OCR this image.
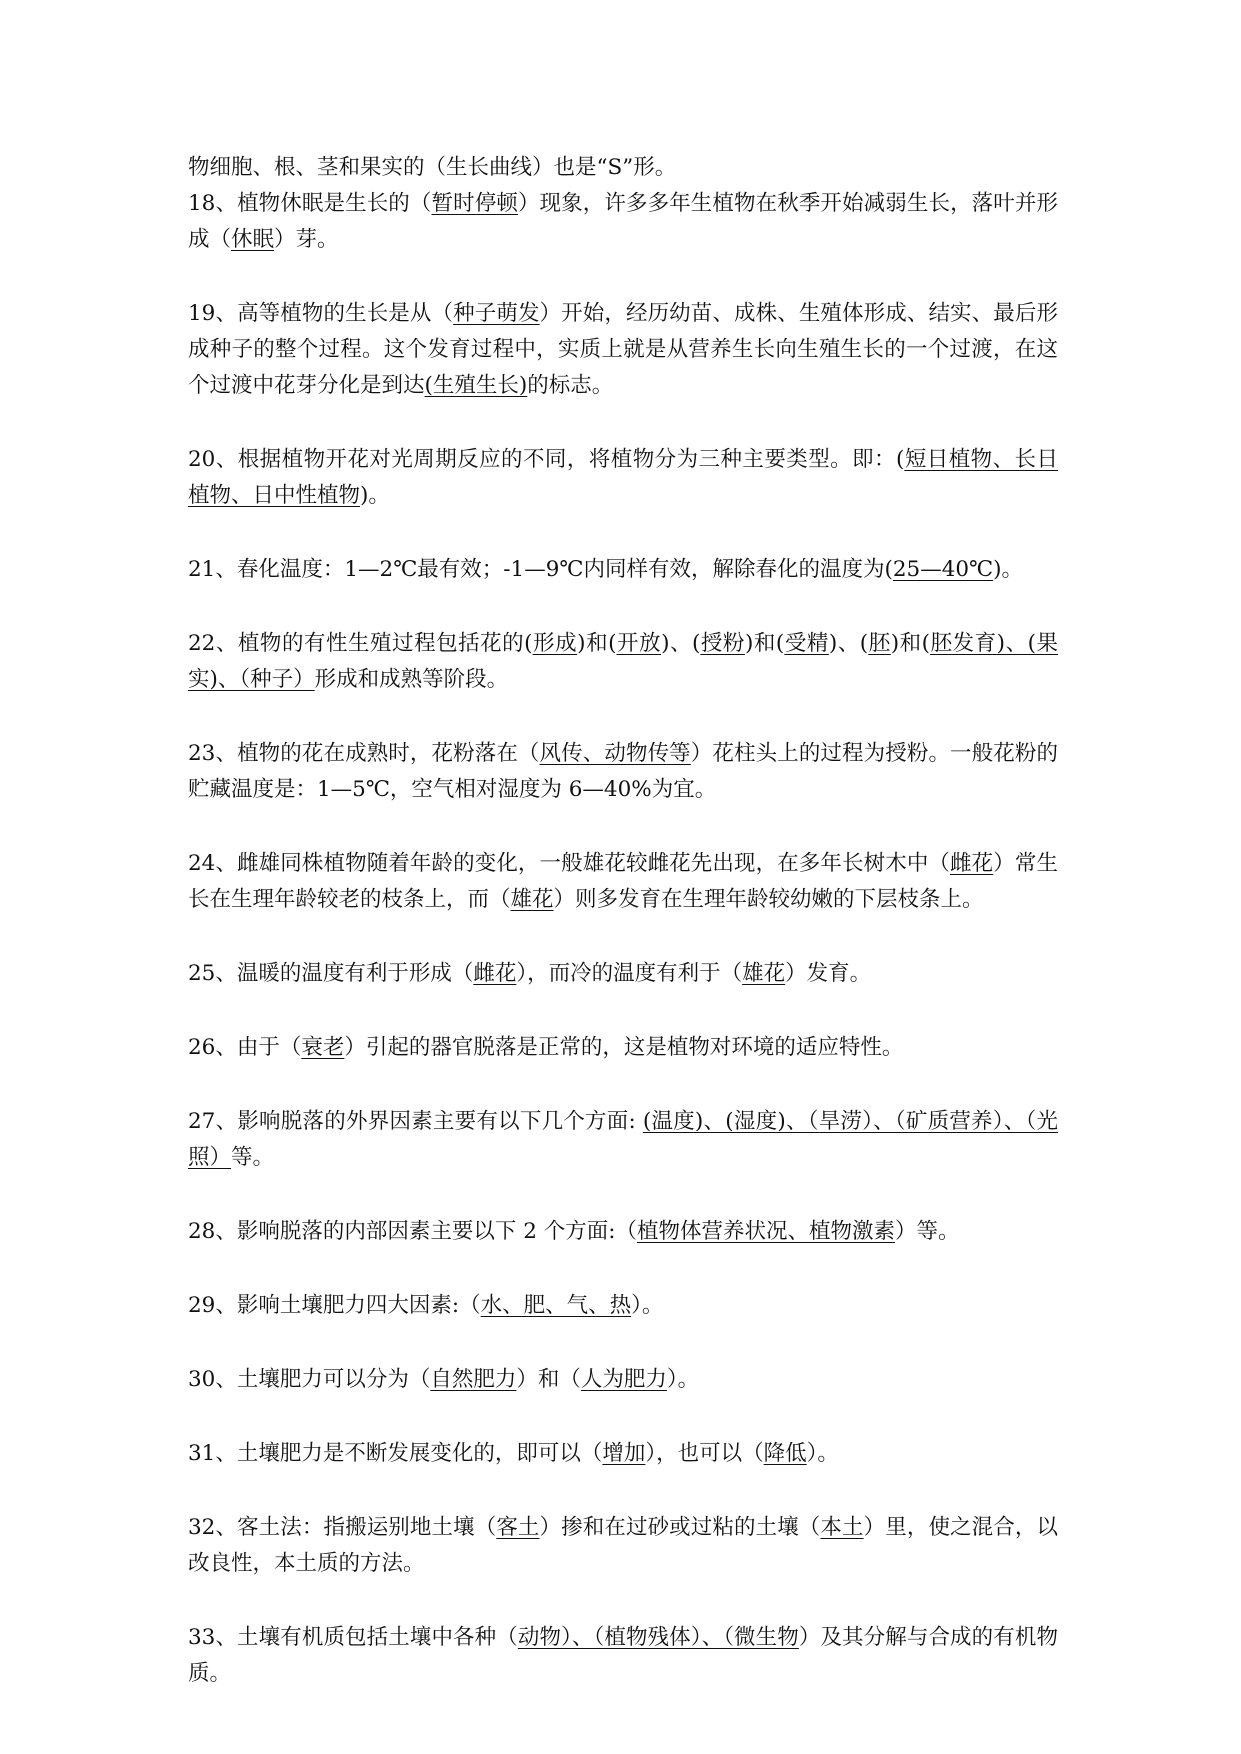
物细胞、根、茎和果实的（生长曲线）也是“S”形。

18、植物休眠是生长的（暂时停顿）现象，许多多年生植物在秋季开始减弱生长，落叶并形成（休眠）芽。

19、高等植物的生长是从（种子萌发）开始，经历幼苗、成株、生殖体形成、结实、最后形成种子的整个过程。这个发育过程中，实质上就是从营养生长向生殖生长的一个过渡，在这个过渡中花芽分化是到达(生殖生长)的标志。

20、根据植物开花对光周期反应的不同，将植物分为三种主要类型。即：(短日植物、长日植物、日中性植物)。

21、春化温度：1—2℃最有效；-1—9℃内同样有效，解除春化的温度为(25—40℃)。

22、植物的有性生殖过程包括花的(形成)和(开放)、(授粉)和(受精)、(胚)和(胚发育)、(果实)、（种子）形成和成熟等阶段。

23、植物的花在成熟时，花粉落在（风传、动物传等）花柱头上的过程为授粉。一般花粉的贮藏温度是：1—5℃，空气相对湿度为 6—40%为宜。

24、雌雄同株植物随着年龄的变化，一般雄花较雌花先出现，在多年长树木中（雌花）常生长在生理年龄较老的枝条上，而（雄花）则多发育在生理年龄较幼嫩的下层枝条上。

25、温暖的温度有利于形成（雌花），而冷的温度有利于（雄花）发育。

26、由于（衰老）引起的器官脱落是正常的，这是植物对环境的适应特性。

27、影响脱落的外界因素主要有以下几个方面: (温度)、(湿度)、（旱涝）、（矿质营养）、（光照）等。

28、影响脱落的内部因素主要以下 2 个方面:（植物体营养状况、植物激素）等。

29、影响土壤肥力四大因素:（水、肥、气、热）。

30、土壤肥力可以分为（自然肥力）和（人为肥力）。

31、土壤肥力是不断发展变化的，即可以（增加），也可以（降低）。

32、客土法：指搬运别地土壤（客土）掺和在过砂或过粘的土壤（本土）里，使之混合，以改良性，本土质的方法。

33、土壤有机质包括土壤中各种（动物）、（植物残体）、（微生物）及其分解与合成的有机物质。
